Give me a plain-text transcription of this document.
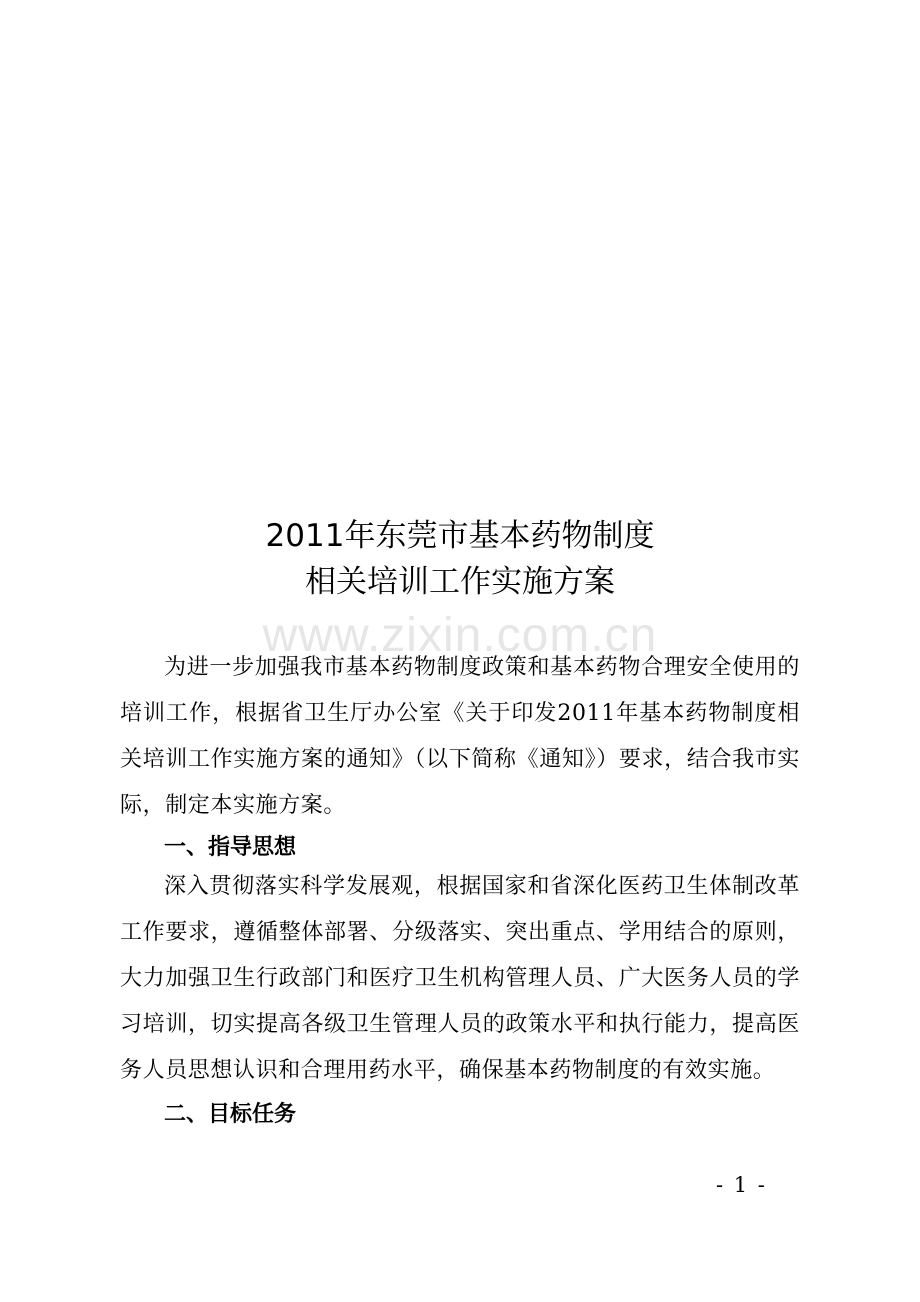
2011年东莞市基本药物制度
相关培训工作实施方案
www.zixin.com.cn

为进一步加强我市基本药物制度政策和基本药物合理安全使用的培训工作，根据省卫生厅办公室《关于印发2011年基本药物制度相关培训工作实施方案的通知》（以下简称《通知》）要求，结合我市实际，制定本实施方案。

一、指导思想

深入贯彻落实科学发展观，根据国家和省深化医药卫生体制改革工作要求，遵循整体部署、分级落实、突出重点、学用结合的原则，大力加强卫生行政部门和医疗卫生机构管理人员、广大医务人员的学习培训，切实提高各级卫生管理人员的政策水平和执行能力，提高医务人员思想认识和合理用药水平，确保基本药物制度的有效实施。

二、目标任务

- 1 -
